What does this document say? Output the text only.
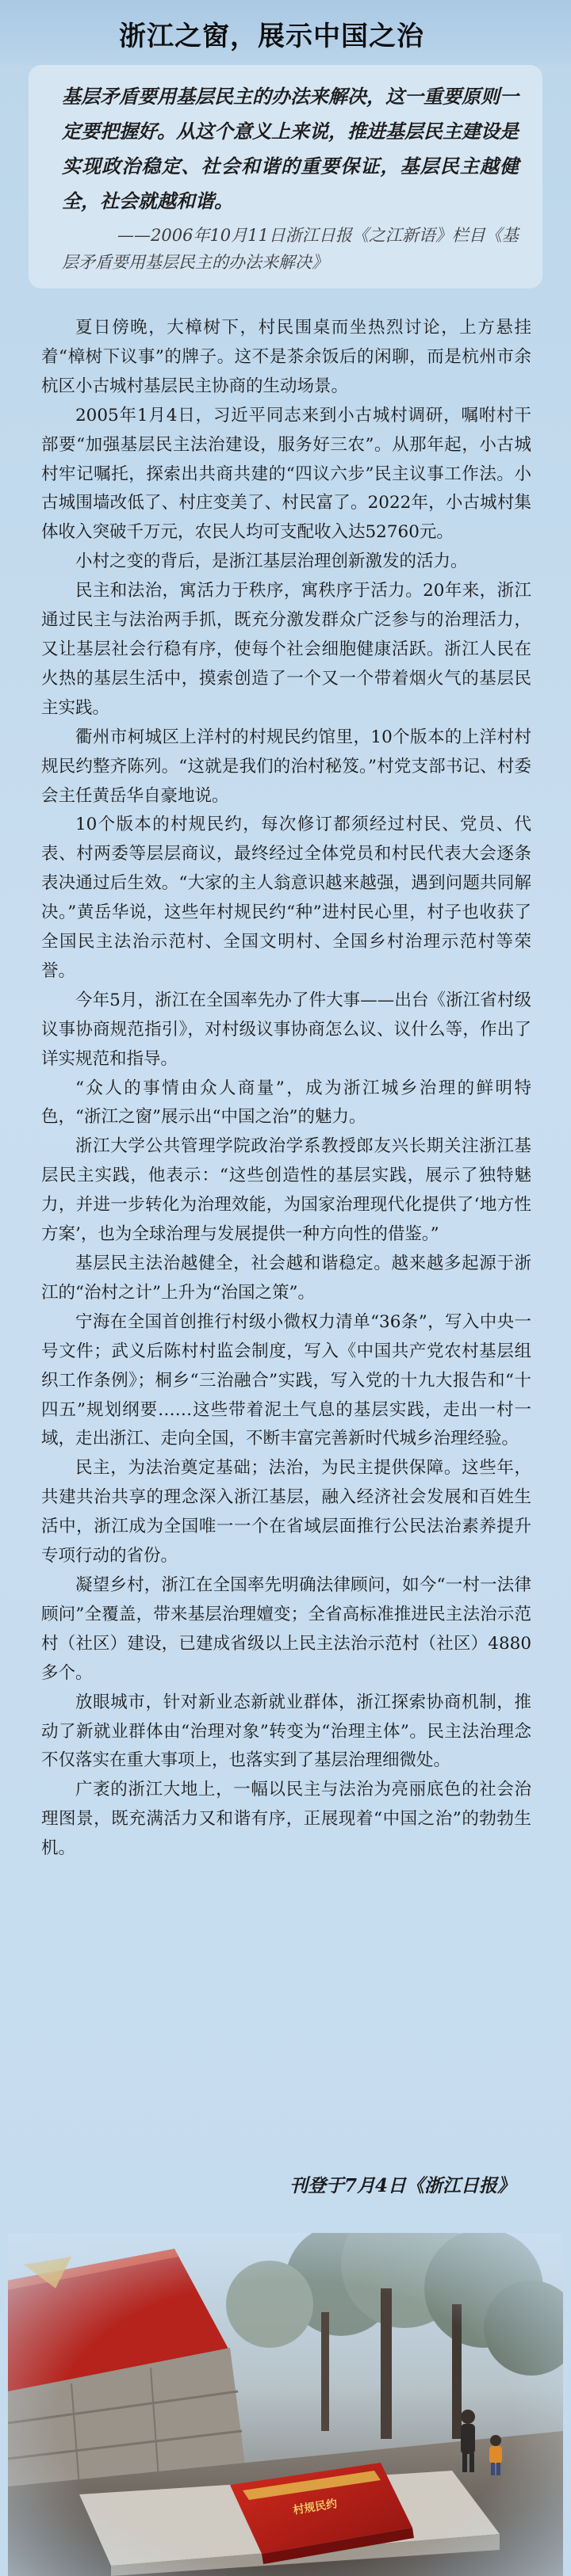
浙江之窗，展示中国之治

基层矛盾要用基层民主的办法来解决，这一重要原则一定要把握好。从这个意义上来说，推进基层民主建设是实现政治稳定、社会和谐的重要保证，基层民主越健全，社会就越和谐。

——2006年10月11日浙江日报《之江新语》栏目《基层矛盾要用基层民主的办法来解决》

夏日傍晚，大樟树下，村民围桌而坐热烈讨论，上方悬挂着“樟树下议事”的牌子。这不是茶余饭后的闲聊，而是杭州市余杭区小古城村基层民主协商的生动场景。

2005年1月4日，习近平同志来到小古城村调研，嘱咐村干部要“加强基层民主法治建设，服务好三农”。从那年起，小古城村牢记嘱托，探索出共商共建的“四议六步”民主议事工作法。小古城围墙改低了、村庄变美了、村民富了。2022年，小古城村集体收入突破千万元，农民人均可支配收入达52760元。

小村之变的背后，是浙江基层治理创新激发的活力。

民主和法治，寓活力于秩序，寓秩序于活力。20年来，浙江通过民主与法治两手抓，既充分激发群众广泛参与的治理活力，又让基层社会行稳有序，使每个社会细胞健康活跃。浙江人民在火热的基层生活中，摸索创造了一个又一个带着烟火气的基层民主实践。

衢州市柯城区上洋村的村规民约馆里，10个版本的上洋村村规民约整齐陈列。“这就是我们的治村秘笈。”村党支部书记、村委会主任黄岳华自豪地说。

10个版本的村规民约，每次修订都须经过村民、党员、代表、村两委等层层商议，最终经过全体党员和村民代表大会逐条表决通过后生效。“大家的主人翁意识越来越强，遇到问题共同解决。”黄岳华说，这些年村规民约“种”进村民心里，村子也收获了全国民主法治示范村、全国文明村、全国乡村治理示范村等荣誉。

今年5月，浙江在全国率先办了件大事——出台《浙江省村级议事协商规范指引》，对村级议事协商怎么议、议什么等，作出了详实规范和指导。

“众人的事情由众人商量”，成为浙江城乡治理的鲜明特色，“浙江之窗”展示出“中国之治”的魅力。

浙江大学公共管理学院政治学系教授郎友兴长期关注浙江基层民主实践，他表示：“这些创造性的基层实践，展示了独特魅力，并进一步转化为治理效能，为国家治理现代化提供了‘地方性方案’，也为全球治理与发展提供一种方向性的借鉴。”

基层民主法治越健全，社会越和谐稳定。越来越多起源于浙江的“治村之计”上升为“治国之策”。

宁海在全国首创推行村级小微权力清单“36条”，写入中央一号文件；武义后陈村村监会制度，写入《中国共产党农村基层组织工作条例》；桐乡“三治融合”实践，写入党的十九大报告和“十四五”规划纲要……这些带着泥土气息的基层实践，走出一村一域，走出浙江、走向全国，不断丰富完善新时代城乡治理经验。

民主，为法治奠定基础；法治，为民主提供保障。这些年，共建共治共享的理念深入浙江基层，融入经济社会发展和百姓生活中，浙江成为全国唯一一个在省域层面推行公民法治素养提升专项行动的省份。

凝望乡村，浙江在全国率先明确法律顾问，如今“一村一法律顾问”全覆盖，带来基层治理嬗变；全省高标准推进民主法治示范村（社区）建设，已建成省级以上民主法治示范村（社区）4880多个。

放眼城市，针对新业态新就业群体，浙江探索协商机制，推动了新就业群体由“治理对象”转变为“治理主体”。民主法治理念不仅落实在重大事项上，也落实到了基层治理细微处。

广袤的浙江大地上，一幅以民主与法治为亮丽底色的社会治理图景，既充满活力又和谐有序，正展现着“中国之治”的勃勃生机。

刊登于7月4日《浙江日报》
